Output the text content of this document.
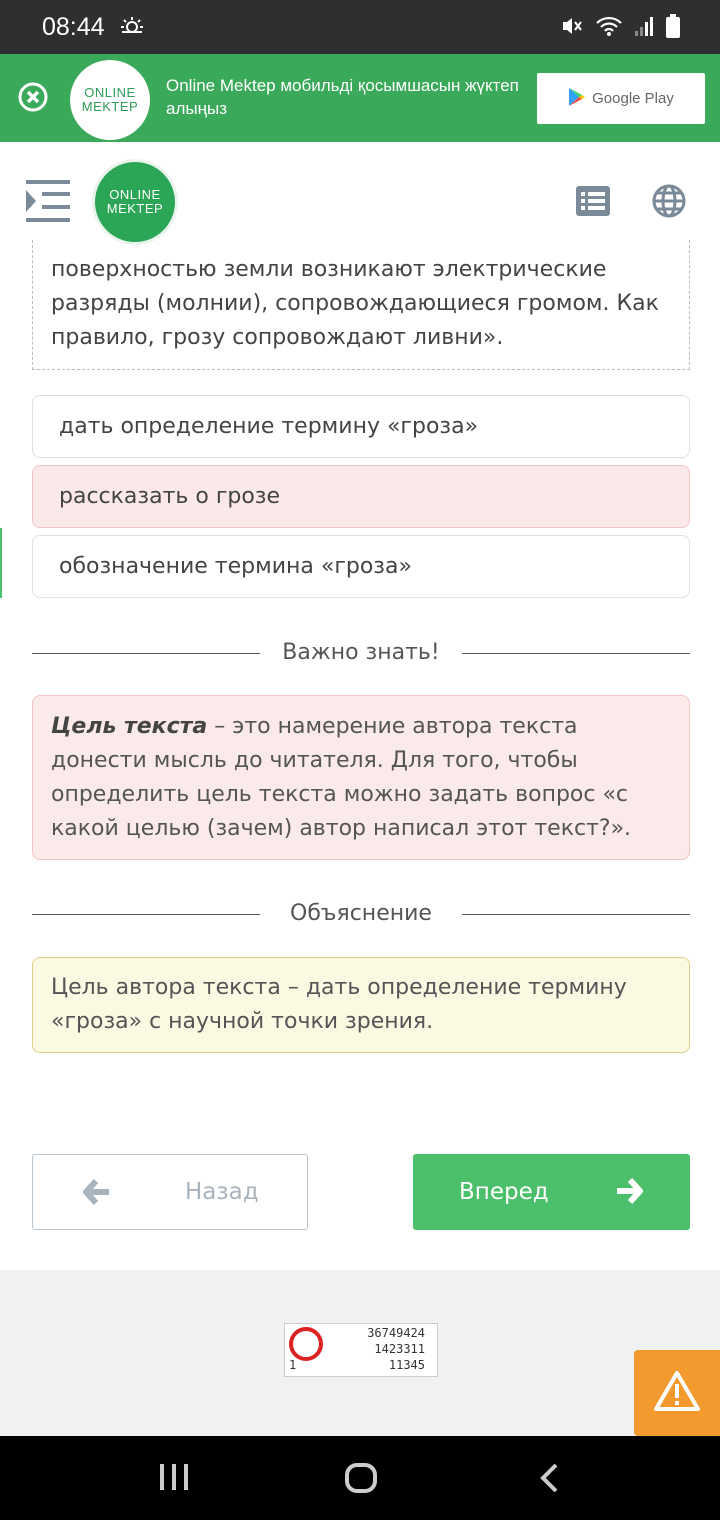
08:44
ONLINE
MEKTEP
Online Mektep мобильді қосымшасын жүктеп алыңыз
Google Play
ONLINE
MEKTEP
поверхностью земли возникают электрические разряды (молнии), сопровождающиеся громом. Как правило, грозу сопровождают ливни».
дать определение термину «гроза»
рассказать о грозе
обозначение термина «гроза»
Важно знать!
Цель текста – это намерение автора текста донести мысль до читателя. Для того, чтобы определить цель текста можно задать вопрос «с какой целью (зачем) автор написал этот текст?».
Объяснение
Цель автора текста – дать определение термину «гроза» с научной точки зрения.
Назад	Вперед
36749424
1423311
11345
1
